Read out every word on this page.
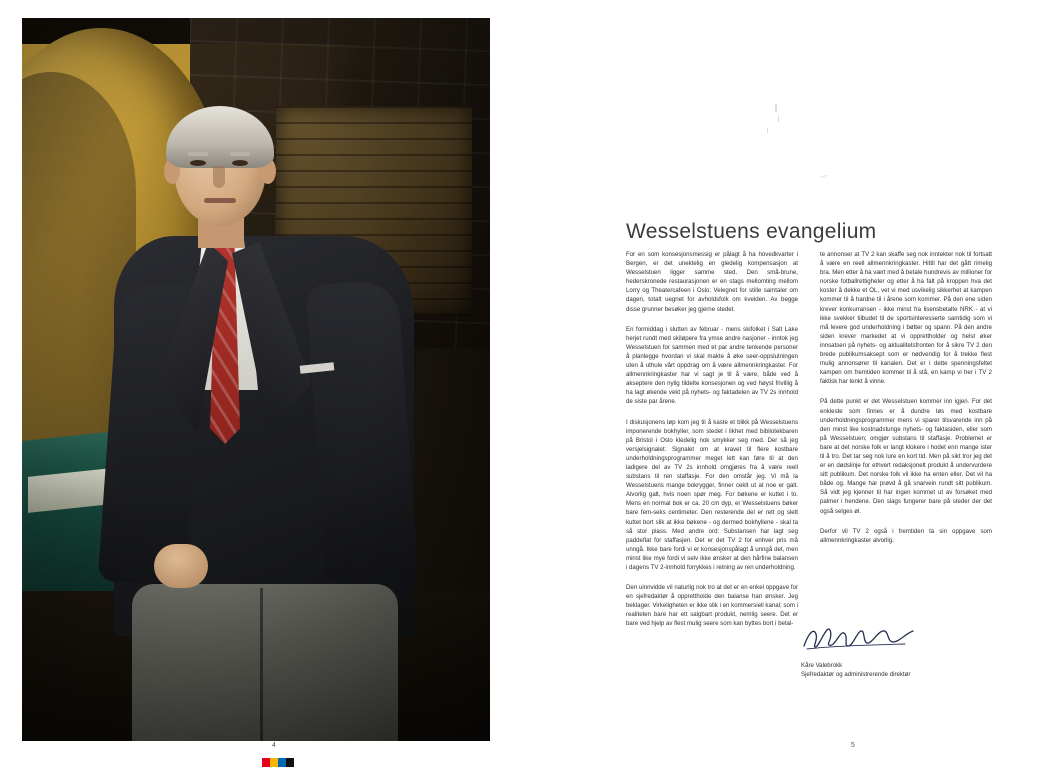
4
Wesselstuens evangelium

For en som konsesjonsmessig er pålagt å ha hovedkvarter i Bergen, er det unektelig en gledelig kompensasjon at Wesselstuen ligger samme sted. Den små-brune, hederskronede restaurasjonen er en stags mellomting mellom Lorry og Theatercafeen i Oslo: Velegnet for stille samtaler om dagen, totalt uegnet for avholdsfolk om kvelden. Av begge disse grunner besøker jeg gjerne stedet.

En formiddag i slutten av februar - mens skifolket i Salt Lake herjet rundt med skiløpere fra ymse andre nasjoner - inntok jeg Wesselstuen for sammen med et par andre tenkende personer å planlegge hvordan vi skal makte å øke seer-oppslutningen uten å uthule vårt oppdrag om å være allmennkringkaster. For allmennkringkaster har vi sagt je til å være, både ved å akseptere den nylig tildelte konsesjonen og ved høyst frivillig å ha lagt økende vekt på nyhets- og faktadelen av TV 2s innhold de siste par årene.

I diskusjonens løp kom jeg til å kaste et blikk på Wesselstuens imponerende bokhyller, som stedet i likhet med bibliotekbaren på Bristol i Oslo kledelig nok smykker seg med. Der så jeg versjelsignalet: Signalet om at kravet til flere kostbare underholdningsprogrammer meget lett kan føre til at den ladigere del av TV 2s innhold omgjøres fra å være reell substans til ren staffasje. For den omstår jeg. Vi må la Wesselstuens mange bokrygger, finner ceklt ut at noe er galt. Alvorlig galt, hvis noen spør meg. For bøkene er kuttet i to. Mens en normal bok er ca. 20 cm dyp, er Wesselstuens bøker bare fem-seks centimeter. Den resterende del er rett og slett kuttet bort slik at ikke bøkene - og dermed bokhyllene - skal ta så stor plass. Med andre ord: Substansen har lagt seg paddeflat for staffasjen. Det er det TV 2 for enhver pris må unngå. Ikke bare fordi vi er konsesjonspålagt å unngå det, men minst like mye fordi vi selv ikke ønsker at den hårfine balansen i dagens TV 2-innhold forrykkes i retning av ren underholdning.

Den uinnvidde vil naturlig nok tro at det er en enkel oppgave for en sjefredaktør å opprettholde den balanse han ønsker. Jeg beklager. Virkeligheten er ikke slik i en kommersiell kanal; som i realiteten bare har ett salgbart produkt, nemlig seere. Det er bare ved hjelp av flest mulig seere som kan byttes bort i betal-

te annonser at TV 2 kan skaffe seg nok inntekter nok til fortsatt å være en reell allmennkringkaster. Hittil har det gått rimelig bra. Men etter å ha vært med å betale hundrevis av millioner for norske fotballrettigheter og etter å ha falt på kroppen hva det koster å dekke et OL, vet vi med usvikelig sikkerhet at kampen kommer til å hardne til i årene som kommer. På den ene siden krever konkurransen - ikke minst fra lisensbetalte NRK - at vi ikke svekker tilbudet til de sportsinteresserte samtidig som vi må levere god underholdning i bøtter og spann. På den andre siden krever markedet at vi opprettholder og helst øker innsatsen på nyhets- og aktualitetsfronten for å sikre TV 2 den brede publikumsaksept som er nødvendig for å trekke flest mulig annonsører til kanalen. Det er i dette spenningsfeltet kampen om fremtiden kommer til å stå, en kamp vi her i TV 2 faktisk har tenkt å vinne.

På dette punkt er det Wesselstuen kommer inn igjen. For det enkleste som finnes er å dundre løs med kostbare underholdningsprogrammer mens vi sparer tilsvarende inn på den minst like kostnadstunge nyhets- og faktasiden, eller som på Wesselstuen; omgjør substans til staffasje. Problemet er bare at det norske folk er langt klokere i hodet enn mange ister til å tro. Det tar seg nok lure en kort tid. Men på sikt tror jeg det er en dødslinje for ethvert redaksjonelt produkt å undervurdere sitt publikum. Det norske folk vil ikke ha enten eller. Det vil ha både og. Mange har prøvd å gå snarvein rundt sitt publikum. Så vidt jeg kjenner til har ingen kommet ut av forsøket med palmer i hendene. Den slags fungerer bare på steder der det også selges øl.

Derfor vil TV 2 også i fremtiden ta sin oppgave som allmennkringkaster alvorlig.

Kåre Valebrokk
Sjefredaktør og administrerende direktør
5
